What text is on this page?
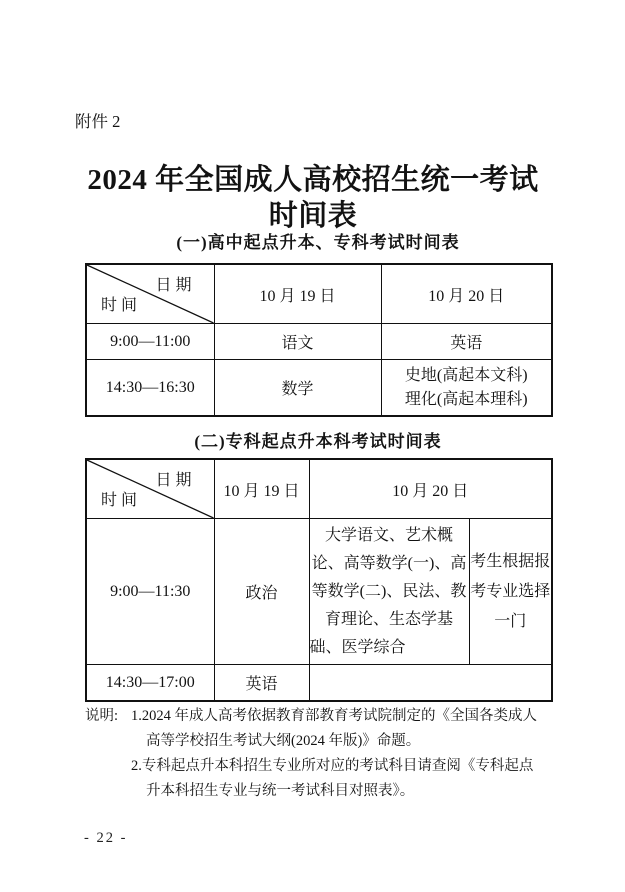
附件 2
2024 年全国成人高校招生统一考试时间表
(一)高中起点升本、专科考试时间表
日 期
时 间	10 月 19 日	10 月 20 日
9:00—11:00	语文	英语
14:30—16:30	数学	史地(高起本文科)
理化(高起本理科)
(二)专科起点升本科考试时间表
日 期
时 间	10 月 19 日	10 月 20 日	
9:00—11:30	政治	大学语文、艺术概论、高等数学(一)、高等数学(二)、民法、教育理论、生态学基础、医学综合	考生根据报考专业选择一门
14:30—17:00	英语		
说明: 1.2024 年成人高考依据教育部教育考试院制定的《全国各类成人高等学校招生考试大纲(2024 年版)》命题。
2.专科起点升本科招生专业所对应的考试科目请查阅《专科起点升本科招生专业与统一考试科目对照表》。
- 22 -
